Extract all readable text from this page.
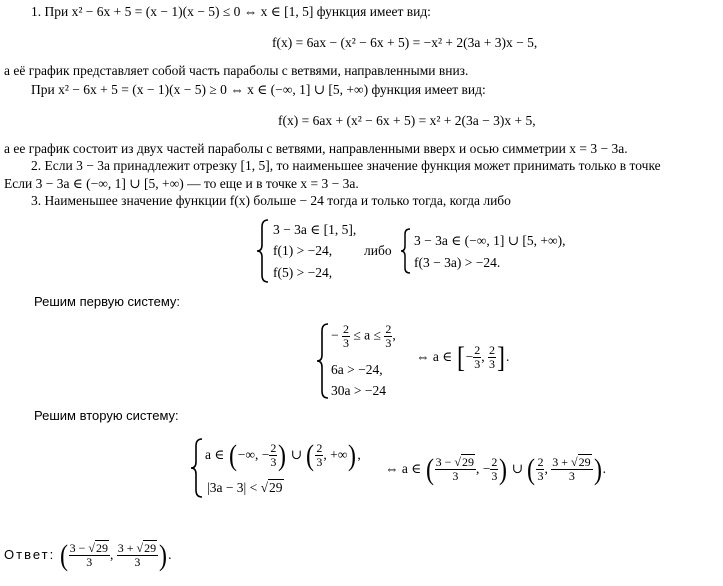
1. При x² − 6x + 5 = (x − 1)(x − 5) ≤ 0 ⇔ x ∈ [1, 5] функция имеет вид:
f(x) = 6ax − (x² − 6x + 5) = −x² + 2(3a + 3)x − 5,
а её график представляет собой часть параболы с ветвями, направленными вниз.
При x² − 6x + 5 = (x − 1)(x − 5) ≥ 0 ⇔ x ∈ (−∞, 1] ∪ [5, +∞) функция имеет вид:
f(x) = 6ax + (x² − 6x + 5) = x² + 2(3a − 3)x + 5,
а ее график состоит из двух частей параболы с ветвями, направленными вверх и осью симметрии x = 3 − 3a.
2. Если 3 − 3a принадлежит отрезку [1, 5], то наименьшее значение функция может принимать только в точке
Если 3 − 3a ∈ (−∞, 1] ∪ [5, +∞) — то еще и в точке x = 3 − 3a.
3. Наименьшее значение функции f(x) больше − 24 тогда и только тогда, когда либо
3 − 3a ∈ [1, 5],
f(1) > −24,
f(5) > −24,
либо
3 − 3a ∈ (−∞, 1] ∪ [5, +∞),
f(3 − 3a) > −24.
Решим первую систему:
− $\frac{2}{3} \le a \le \frac{2}{3}$ ,
6a > −24,
30a > −24
⇔ a ∈ [− $\frac{2}{3}$ , $\frac{2}{3}$ ].
Решим вторую систему:
a ∈ (−∞, − $\frac{2}{3}$ ) ∪ ( $\frac{2}{3}$ , +∞),
|3a − 3| < √29
⇔ a ∈ ( $\frac{3 - √29}{3}$ , − $\frac{2}{3}$ ) ∪ ( $\frac{2}{3}$ , $\frac{3 + √29}{3}$ ).
Ответ: ( $\frac{3 - √29}{3}$ , $\frac{3 + √29}{3}$ ).
